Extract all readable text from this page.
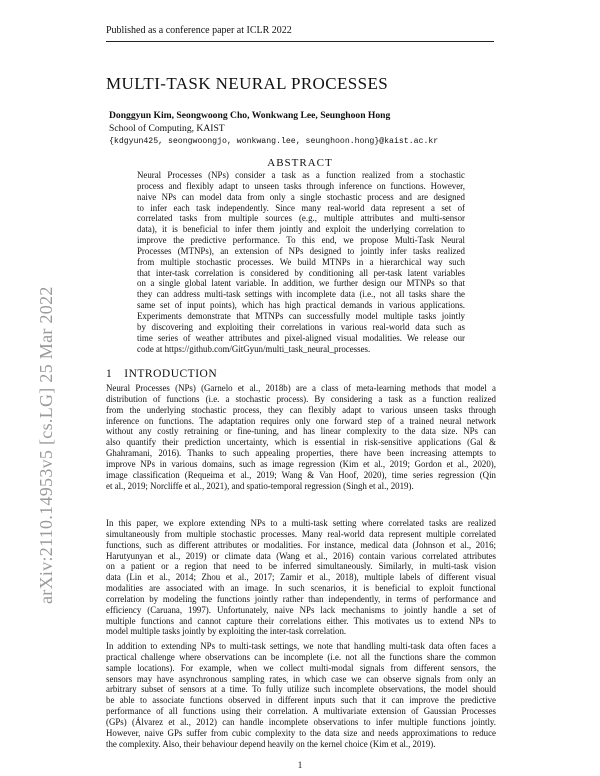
Published as a conference paper at ICLR 2022
arXiv:2110.14953v5 [cs.LG] 25 Mar 2022
MULTI-TASK NEURAL PROCESSES
Donggyun Kim, Seongwoong Cho, Wonkwang Lee, Seunghoon Hong
School of Computing, KAIST
{kdgyun425, seongwoongjo, wonkwang.lee, seunghoon.hong}@kaist.ac.kr
ABSTRACT
Neural Processes (NPs) consider a task as a function realized from a stochastic
process and flexibly adapt to unseen tasks through inference on functions. However,
naive NPs can model data from only a single stochastic process and are designed
to infer each task independently. Since many real-world data represent a set of
correlated tasks from multiple sources (e.g., multiple attributes and multi-sensor
data), it is beneficial to infer them jointly and exploit the underlying correlation to
improve the predictive performance. To this end, we propose Multi-Task Neural
Processes (MTNPs), an extension of NPs designed to jointly infer tasks realized
from multiple stochastic processes. We build MTNPs in a hierarchical way such
that inter-task correlation is considered by conditioning all per-task latent variables
on a single global latent variable. In addition, we further design our MTNPs so that
they can address multi-task settings with incomplete data (i.e., not all tasks share the
same set of input points), which has high practical demands in various applications.
Experiments demonstrate that MTNPs can successfully model multiple tasks jointly
by discovering and exploiting their correlations in various real-world data such as
time series of weather attributes and pixel-aligned visual modalities. We release our
code at https://github.com/GitGyun/multi_task_neural_processes.
1 INTRODUCTION
Neural Processes (NPs) (Garnelo et al., 2018b) are a class of meta-learning methods that model a
distribution of functions (i.e. a stochastic process). By considering a task as a function realized
from the underlying stochastic process, they can flexibly adapt to various unseen tasks through
inference on functions. The adaptation requires only one forward step of a trained neural network
without any costly retraining or fine-tuning, and has linear complexity to the data size. NPs can
also quantify their prediction uncertainty, which is essential in risk-sensitive applications (Gal &
Ghahramani, 2016). Thanks to such appealing properties, there have been increasing attempts to
improve NPs in various domains, such as image regression (Kim et al., 2019; Gordon et al., 2020),
image classification (Requeima et al., 2019; Wang & Van Hoof, 2020), time series regression (Qin
et al., 2019; Norcliffe et al., 2021), and spatio-temporal regression (Singh et al., 2019).
In this paper, we explore extending NPs to a multi-task setting where correlated tasks are realized
simultaneously from multiple stochastic processes. Many real-world data represent multiple correlated
functions, such as different attributes or modalities. For instance, medical data (Johnson et al., 2016;
Harutyunyan et al., 2019) or climate data (Wang et al., 2016) contain various correlated attributes
on a patient or a region that need to be inferred simultaneously. Similarly, in multi-task vision
data (Lin et al., 2014; Zhou et al., 2017; Zamir et al., 2018), multiple labels of different visual
modalities are associated with an image. In such scenarios, it is beneficial to exploit functional
correlation by modeling the functions jointly rather than independently, in terms of performance and
efficiency (Caruana, 1997). Unfortunately, naive NPs lack mechanisms to jointly handle a set of
multiple functions and cannot capture their correlations either. This motivates us to extend NPs to
model multiple tasks jointly by exploiting the inter-task correlation.
In addition to extending NPs to multi-task settings, we note that handling multi-task data often faces a
practical challenge where observations can be incomplete (i.e. not all the functions share the common
sample locations). For example, when we collect multi-modal signals from different sensors, the
sensors may have asynchronous sampling rates, in which case we can observe signals from only an
arbitrary subset of sensors at a time. To fully utilize such incomplete observations, the model should
be able to associate functions observed in different inputs such that it can improve the predictive
performance of all functions using their correlation. A multivariate extension of Gaussian Processes
(GPs) (Álvarez et al., 2012) can handle incomplete observations to infer multiple functions jointly.
However, naive GPs suffer from cubic complexity to the data size and needs approximations to reduce
the complexity. Also, their behaviour depend heavily on the kernel choice (Kim et al., 2019).
1
